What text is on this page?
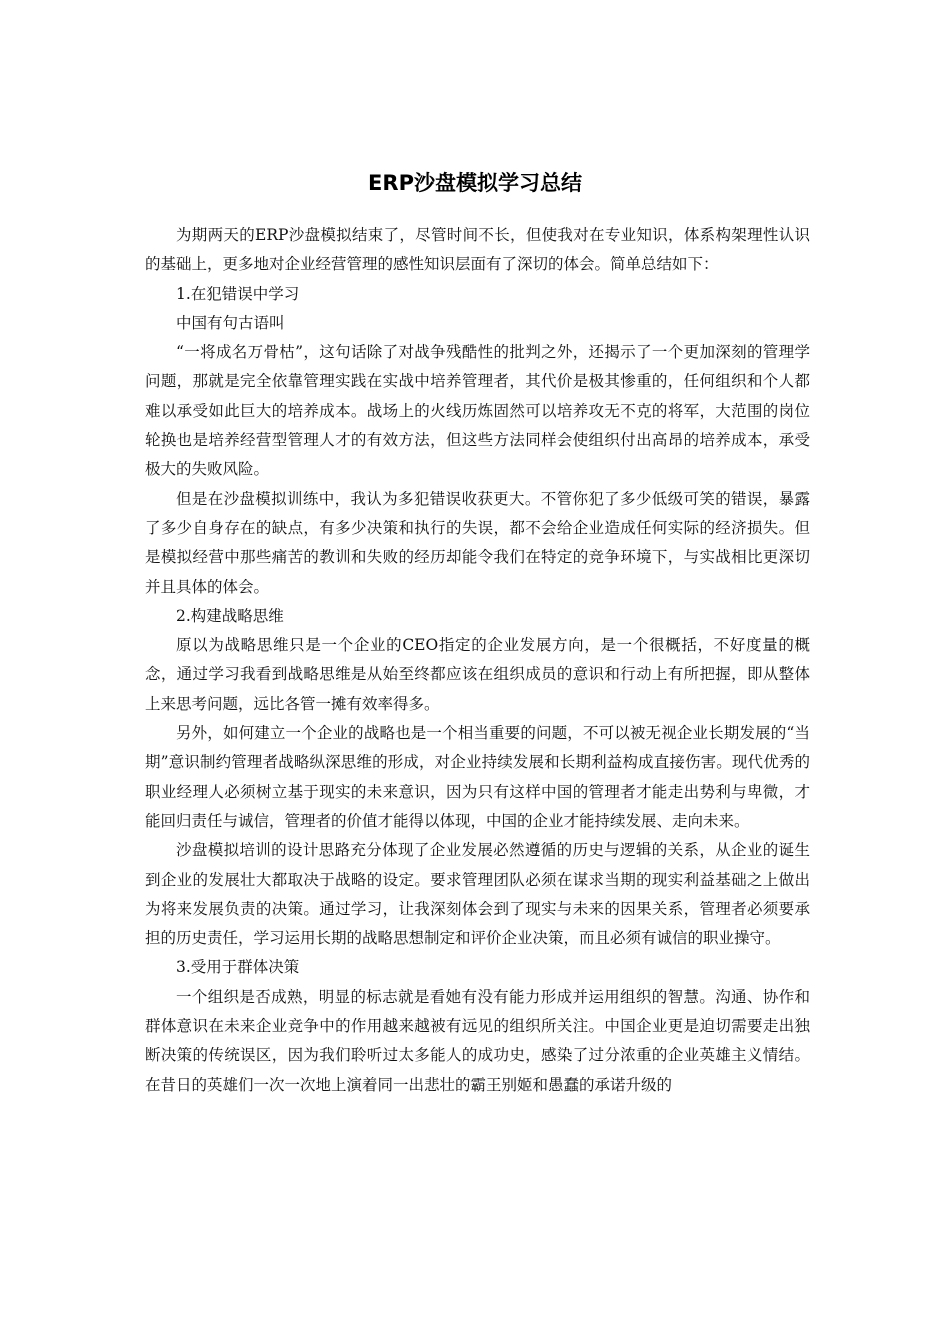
ERP沙盘模拟学习总结

为期两天的ERP沙盘模拟结束了，尽管时间不长，但使我对在专业知识，体系构架理性认识的基础上，更多地对企业经营管理的感性知识层面有了深切的体会。简单总结如下：

1.在犯错误中学习

中国有句古语叫

“一将成名万骨枯”，这句话除了对战争残酷性的批判之外，还揭示了一个更加深刻的管理学问题，那就是完全依靠管理实践在实战中培养管理者，其代价是极其惨重的，任何组织和个人都难以承受如此巨大的培养成本。战场上的火线历炼固然可以培养攻无不克的将军，大范围的岗位轮换也是培养经营型管理人才的有效方法，但这些方法同样会使组织付出高昂的培养成本，承受极大的失败风险。

但是在沙盘模拟训练中，我认为多犯错误收获更大。不管你犯了多少低级可笑的错误，暴露了多少自身存在的缺点，有多少决策和执行的失误，都不会给企业造成任何实际的经济损失。但是模拟经营中那些痛苦的教训和失败的经历却能令我们在特定的竞争环境下，与实战相比更深切并且具体的体会。

2.构建战略思维

原以为战略思维只是一个企业的CEO指定的企业发展方向，是一个很概括，不好度量的概念，通过学习我看到战略思维是从始至终都应该在组织成员的意识和行动上有所把握，即从整体上来思考问题，远比各管一摊有效率得多。

另外，如何建立一个企业的战略也是一个相当重要的问题，不可以被无视企业长期发展的“当期”意识制约管理者战略纵深思维的形成，对企业持续发展和长期利益构成直接伤害。现代优秀的职业经理人必须树立基于现实的未来意识，因为只有这样中国的管理者才能走出势利与卑微，才能回归责任与诚信，管理者的价值才能得以体现，中国的企业才能持续发展、走向未来。

沙盘模拟培训的设计思路充分体现了企业发展必然遵循的历史与逻辑的关系，从企业的诞生到企业的发展壮大都取决于战略的设定。要求管理团队必须在谋求当期的现实利益基础之上做出为将来发展负责的决策。通过学习，让我深刻体会到了现实与未来的因果关系，管理者必须要承担的历史责任，学习运用长期的战略思想制定和评价企业决策，而且必须有诚信的职业操守。

3.受用于群体决策

一个组织是否成熟，明显的标志就是看她有没有能力形成并运用组织的智慧。沟通、协作和群体意识在未来企业竞争中的作用越来越被有远见的组织所关注。中国企业更是迫切需要走出独断决策的传统误区，因为我们聆听过太多能人的成功史，感染了过分浓重的企业英雄主义情结。在昔日的英雄们一次一次地上演着同一出悲壮的霸王别姬和愚蠢的承诺升级的
